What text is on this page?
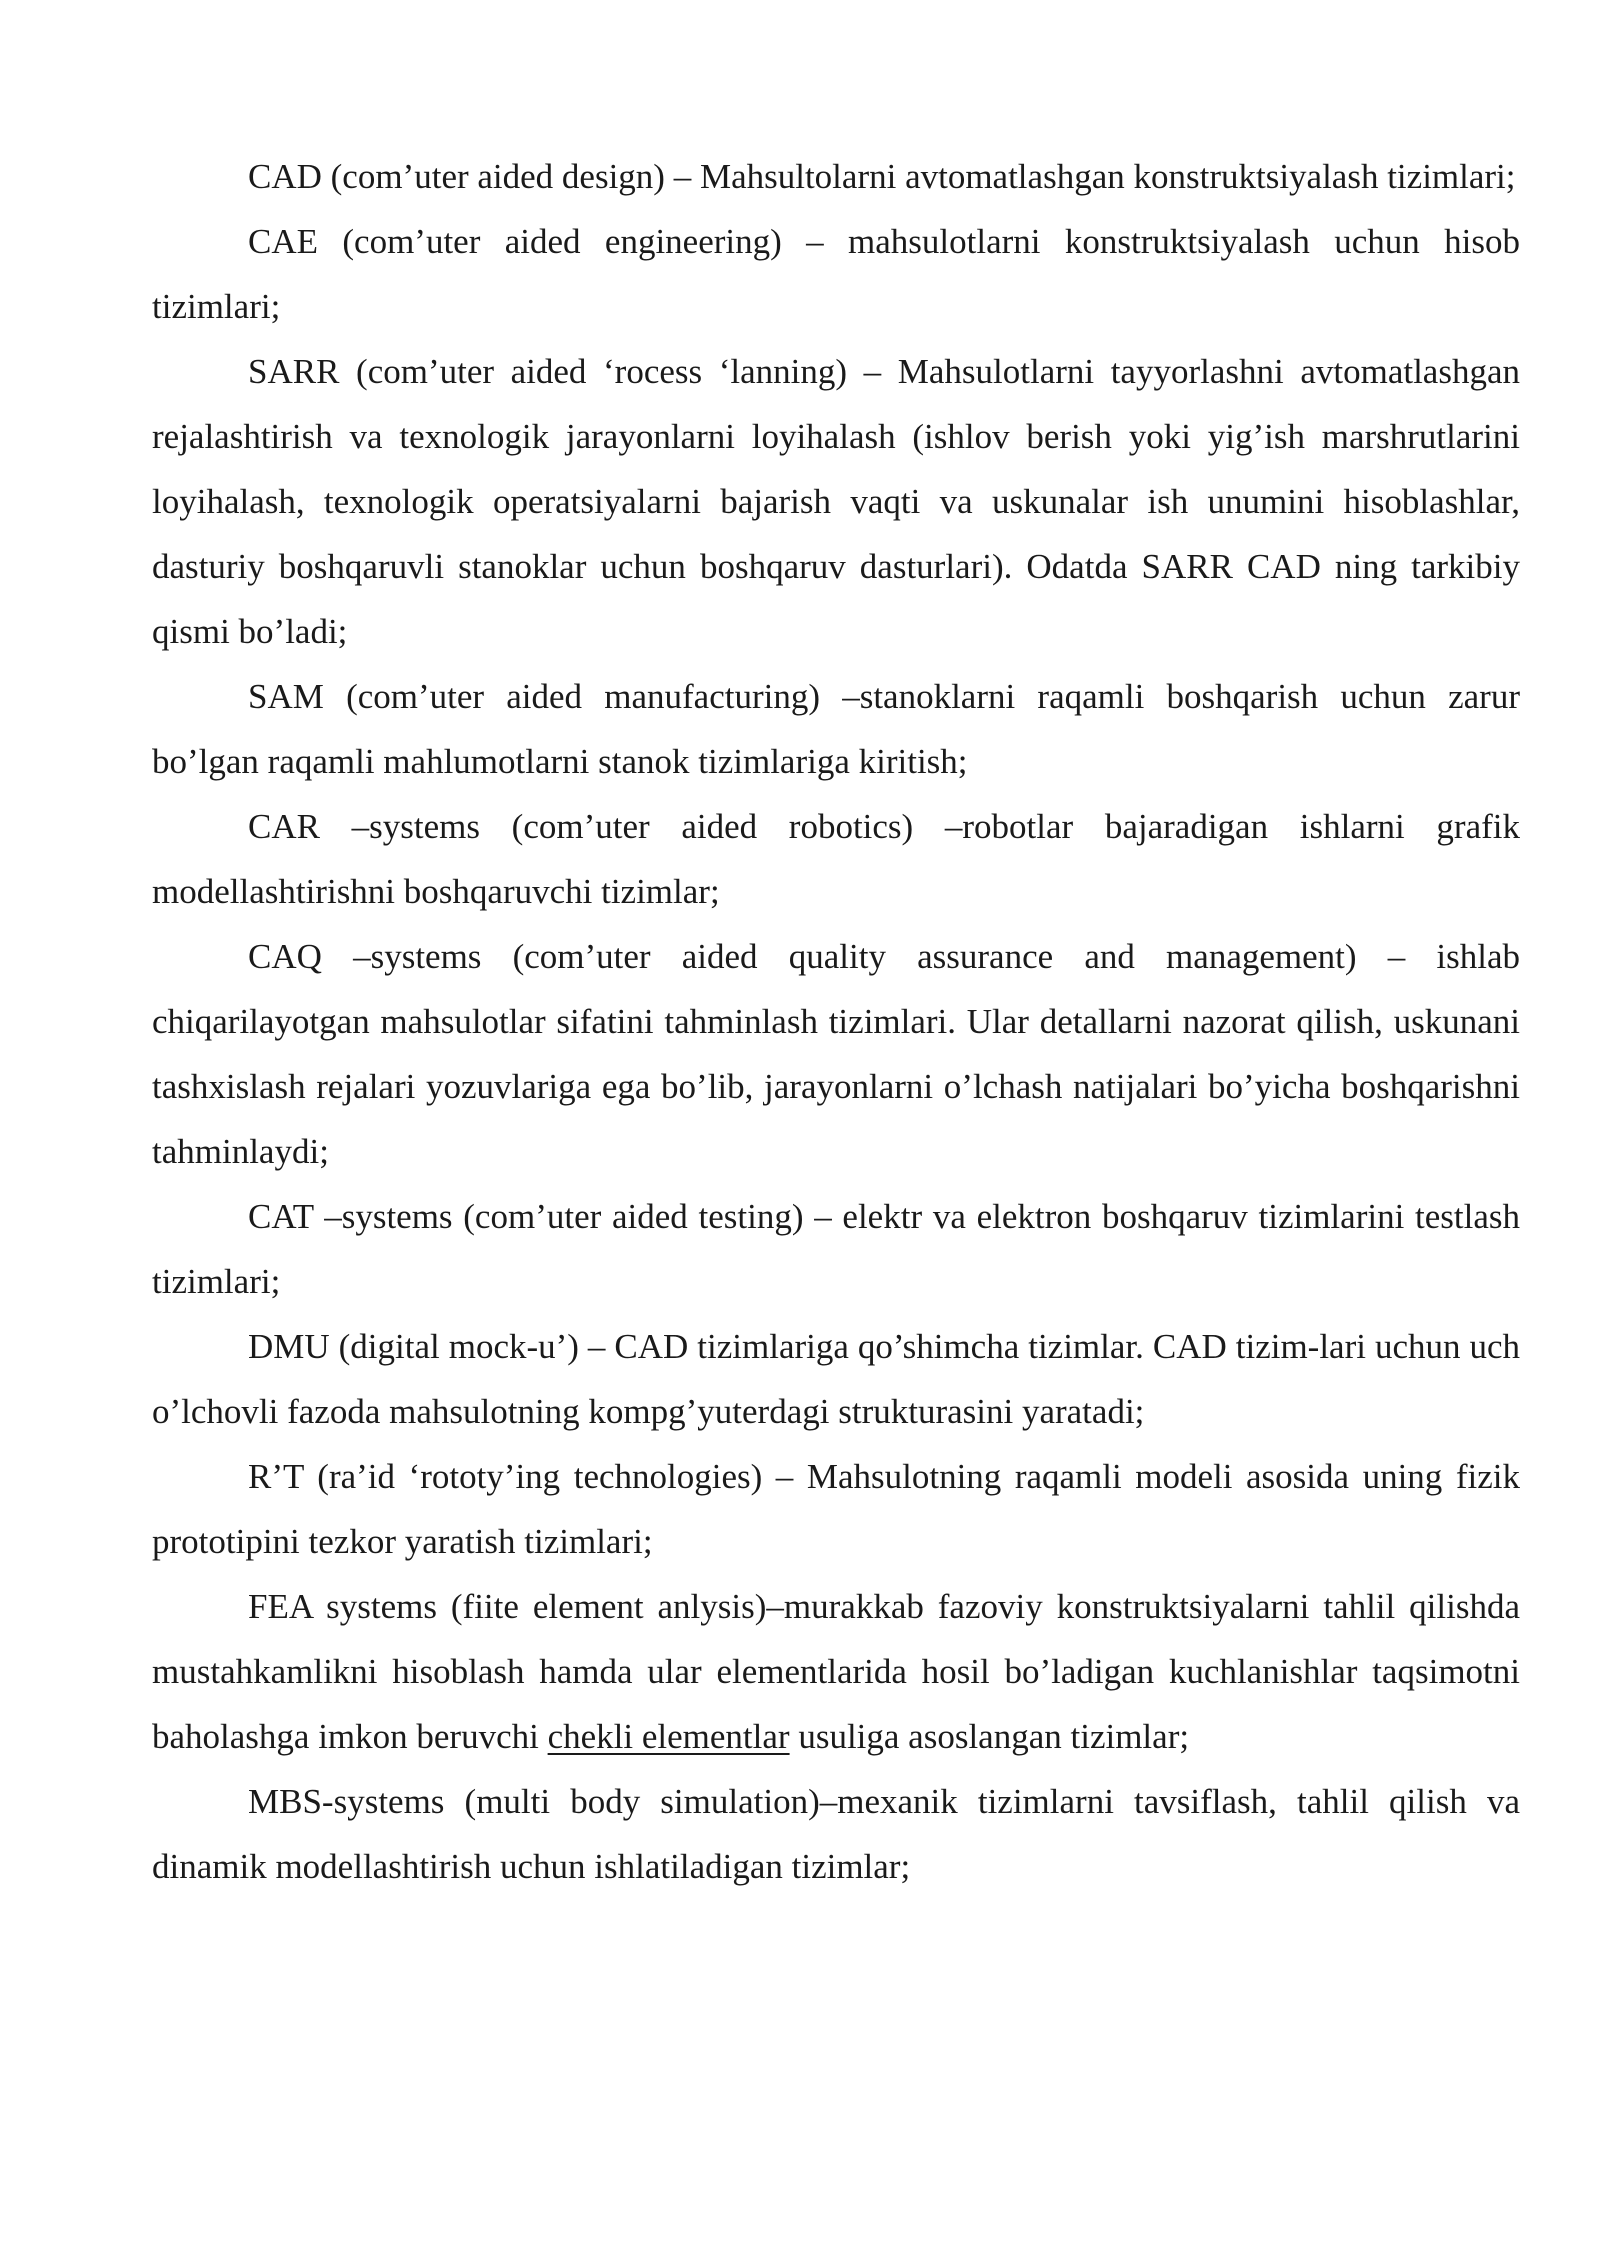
CAD (com’uter aided design) – Mahsultolarni avtomatlashgan konstruktsiyalash tizimlari;

CAE (com’uter aided engineering) – mahsulotlarni konstruktsiyalash uchun hisob tizimlari;

SARR (com’uter aided ‘rocess ‘lanning) – Mahsulotlarni tayyorlashni avtomatlashgan rejalashtirish va texnologik jarayonlarni loyihalash (ishlov berish yoki yig’ish marshrutlarini loyihalash, texnologik operatsiyalarni bajarish vaqti va uskunalar ish unumini hisoblashlar, dasturiy boshqaruvli stanoklar uchun boshqaruv dasturlari). Odatda SARR CAD ning tarkibiy qismi bo’ladi;

SAM (com’uter aided manufacturing) –stanoklarni raqamli boshqarish uchun zarur bo’lgan raqamli mahlumotlarni stanok tizimlariga kiritish;

CAR –systems (com’uter aided robotics) –robotlar bajaradigan ishlarni grafik modellashtirishni boshqaruvchi tizimlar;

CAQ –systems (com’uter aided quality assurance and management) – ishlab chiqarilayotgan mahsulotlar sifatini tahminlash tizimlari. Ular detallarni nazorat qilish, uskunani tashxislash rejalari yozuvlariga ega bo’lib, jarayonlarni o’lchash natijalari bo’yicha boshqarishni tahminlaydi;

CAT –systems (com’uter aided testing) – elektr va elektron boshqaruv tizimlarini testlash tizimlari;

DMU (digital mock-u’) – CAD tizimlariga qo’shimcha tizimlar. CAD tizim-lari uchun uch o’lchovli fazoda mahsulotning kompg’yuterdagi strukturasini yaratadi;

R’T (ra’id ‘rototy’ing technologies) – Mahsulotning raqamli modeli asosida uning fizik prototipini tezkor yaratish tizimlari;

FEA systems (fiite element anlysis)–murakkab fazoviy konstruktsiyalarni tahlil qilishda mustahkamlikni hisoblash hamda ular elementlarida hosil bo’ladigan kuchlanishlar taqsimotni baholashga imkon beruvchi chekli elementlar usuliga asoslangan tizimlar;

MBS-systems (multi body simulation)–mexanik tizimlarni tavsiflash, tahlil qilish va dinamik modellashtirish uchun ishlatiladigan tizimlar;
